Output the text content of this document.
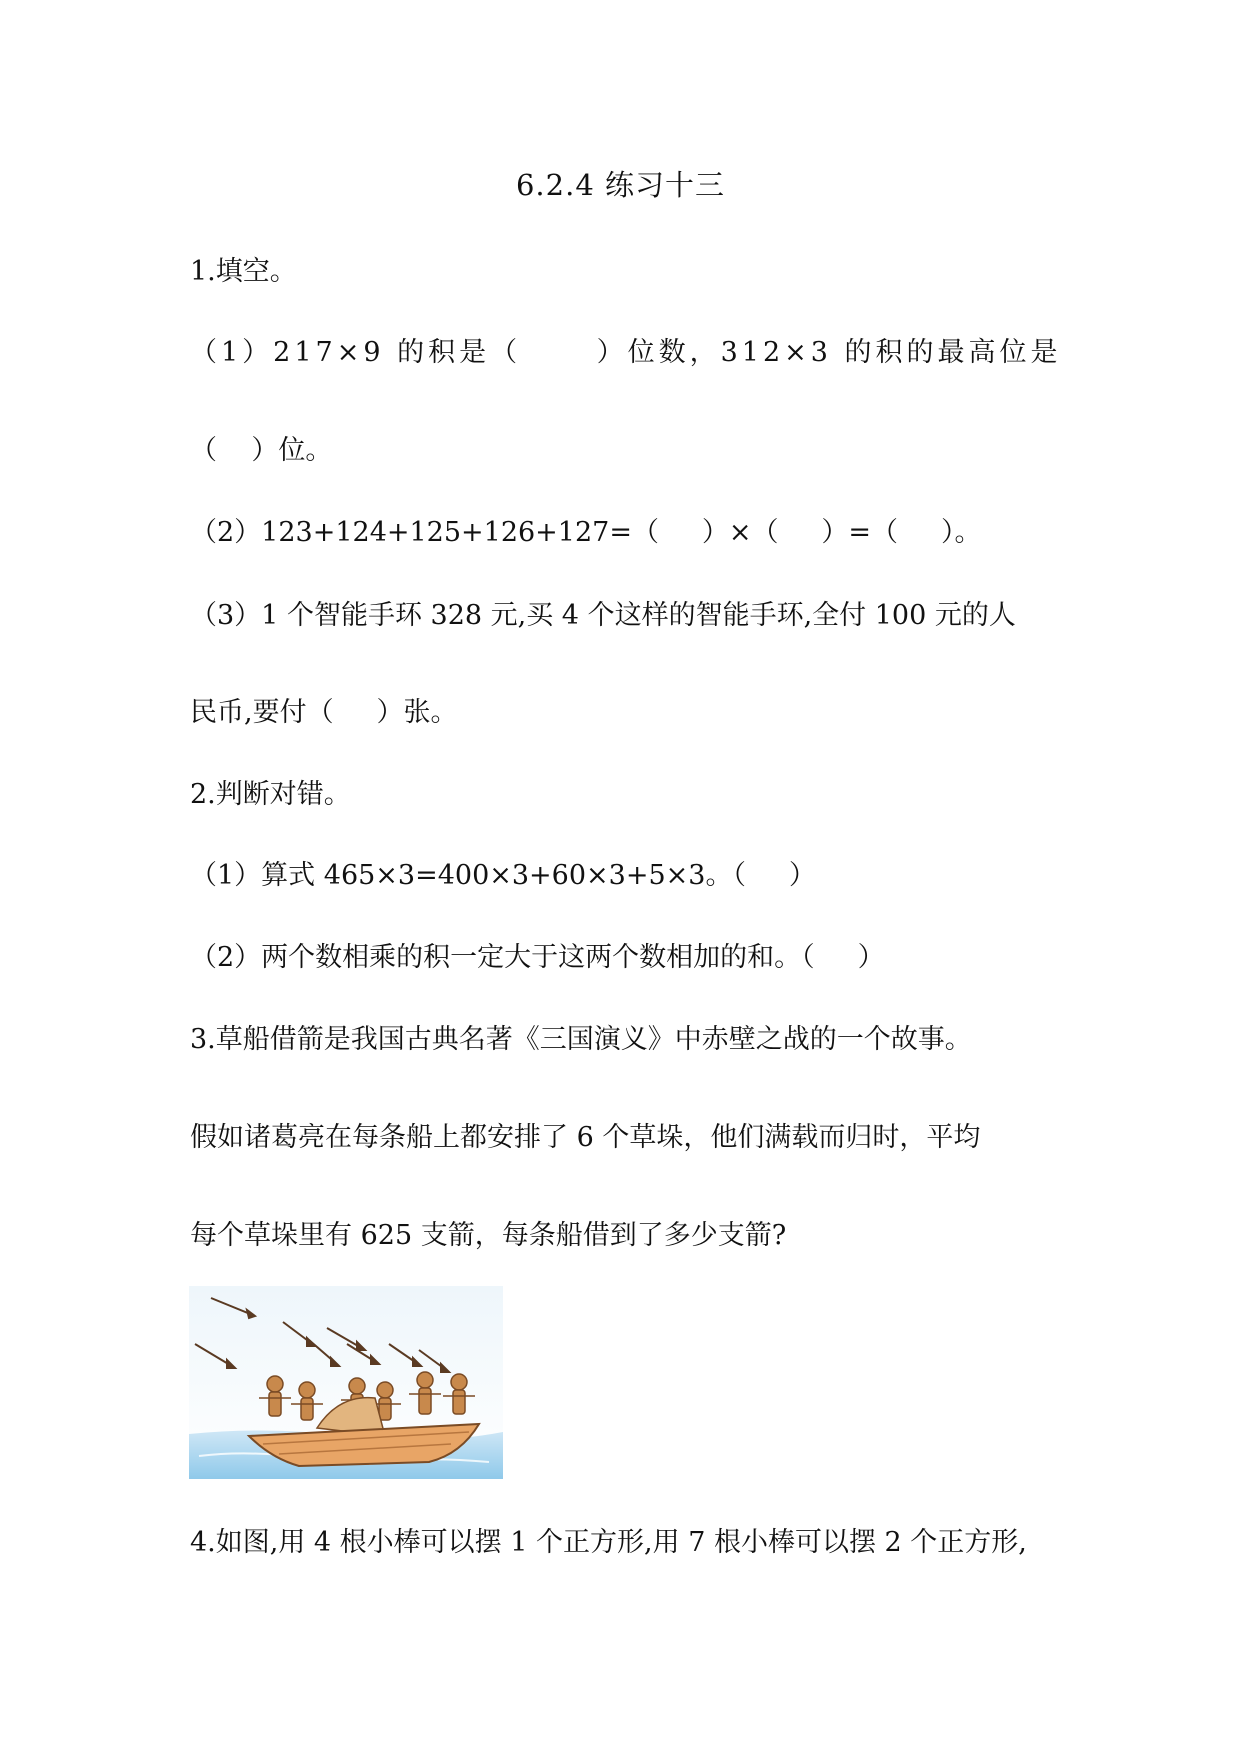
6.2.4 练习十三
1.填空。
（1）217×9 的积是（      ）位数，312×3 的积的最高位是
（    ）位。
（2）123+124+125+126+127=（     ）×（     ）=（     ）。
（3）1 个智能手环 328 元,买 4 个这样的智能手环,全付 100 元的人
民币,要付（     ）张。
2.判断对错。
（1）算式 465×3=400×3+60×3+5×3。（     ）
（2）两个数相乘的积一定大于这两个数相加的和。（     ）
3.草船借箭是我国古典名著《三国演义》中赤壁之战的一个故事。
假如诸葛亮在每条船上都安排了 6 个草垛，他们满载而归时，平均
每个草垛里有 625 支箭，每条船借到了多少支箭?
4.如图,用 4 根小棒可以摆 1 个正方形,用 7 根小棒可以摆 2 个正方形,
